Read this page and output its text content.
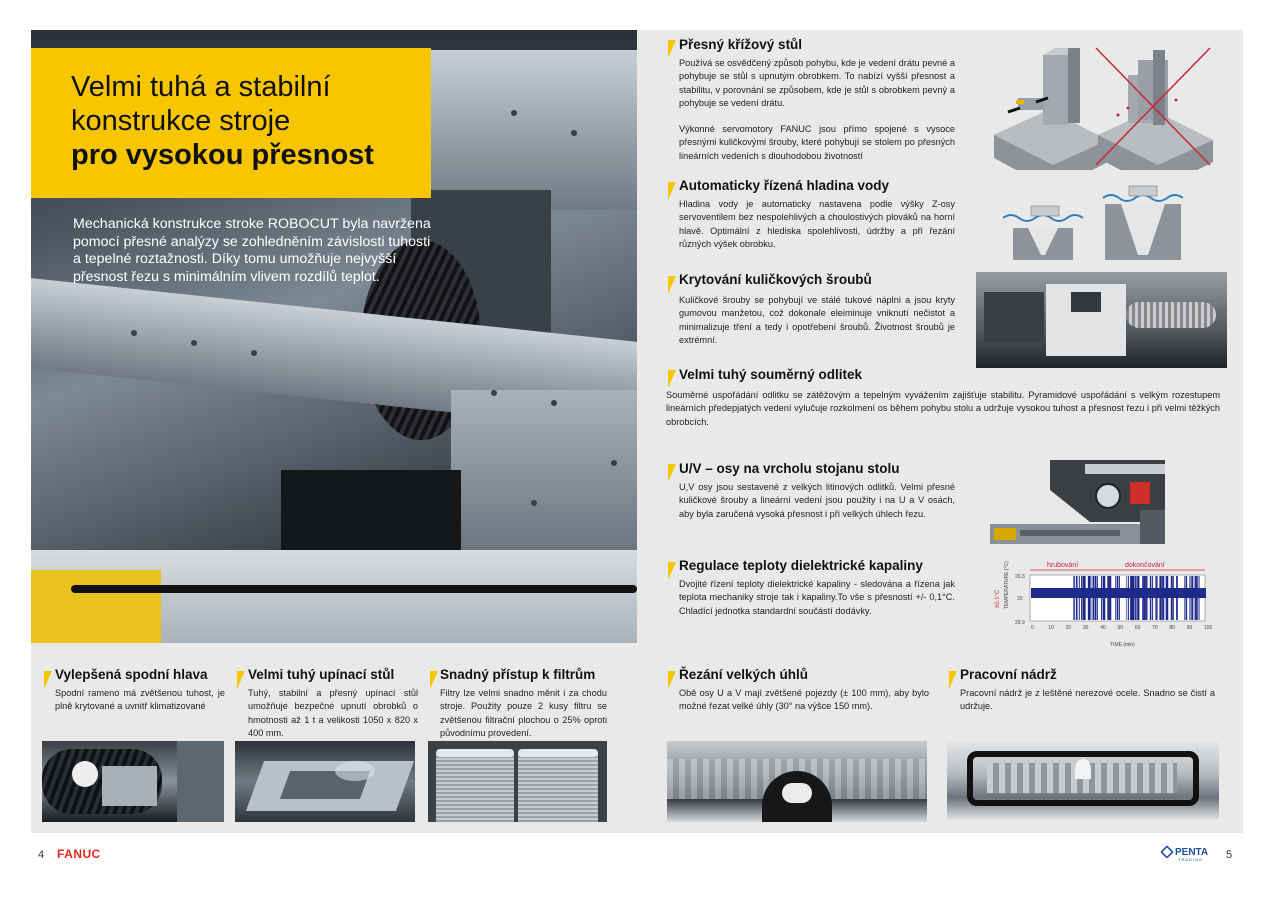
Velmi tuhá a stabilní
konstrukce stroje
pro vysokou přesnost
Mechanická konstrukce stroke ROBOCUT byla navržena pomocí přesné analýzy se zohledněním závislosti tuhosti a tepelné roztažnosti. Díky tomu umožňuje nejvyšší přesnost řezu s minimálním vlivem rozdílů teplot.
Přesný křížový stůl
Používá se osvědčený způsob pohybu, kde je vedení drátu pevné a pohybuje se stůl s upnutým obrobkem. To nabízí vyšší přesnost a stabilitu, v porovnání se způsobem, kde je stůl s obrobkem pevný a pohybuje se vedení drátu.
Výkonné servomotory FANUC jsou přímo spojené s vysoce přesnými kuličkovými šrouby, které pohybují se stolem po přesných lineárních vedeních s dlouhodobou životností
Automaticky řízená hladina vody
Hladina vody je automaticky nastavena podle výšky Z-osy servoventilem bez nespolehlivých a choulostivých plováků na horní hlavě. Optimální z hlediska spolehlivosti, údržby a při řezání různých výšek obrobku.
Krytování kuličkových šroubů
Kuličkové šrouby se pohybují ve stálé tukové náplni a jsou kryty gumovou manžetou, což dokonale eleiminuje vniknutí nečistot a minimalizuje tření a tedy i opotřebení šroubů. Životnost šroubů je extrémní.
Velmi tuhý souměrný odlitek
Souměrné uspořádání odlitku se zátěžovým a tepelným vyvážením zajišťuje stabilitu. Pyramidové uspořádání s velkým rozestupem lineárních předepjatých vedení vylučuje rozkolmení os během pohybu stolu a udržuje vysokou tuhost a přesnost řezu i při velmi těžkých obrobcích.
U/V – osy na vrcholu stojanu stolu
U,V osy jsou sestavené z velkých litinových odlitků. Velmi přesné kuličkové šrouby a lineární vedení jsou použity i na U a V osách, aby byla zaručená vysoká přesnost i při velkých úhlech řezu.
Regulace teploty dielektrické kapaliny
Dvojité řízení teploty dielektrické kapaliny - sledována a řízena jak teplota mechaniky stroje tak i kapaliny.To vše s přesností +/- 0,1°C. Chladící jednotka standardní součástí dodávky.
hrubování	dokončování
TEMPERATURE (°C)
±0.1°C
20.3
20
29.9
0	10 20 30 40 50 60 70 80 90 100
TIME (min)
Řezání velkých úhlů
Obě osy U a V mají zvětšené pojezdy (± 100 mm), aby bylo možné řezat velké úhly (30° na výšce 150 mm).
Pracovní nádrž
Pracovní nádrž je z leštěné nerezové ocele. Snadno se čistí a udržuje.
Vylepšená spodní hlava
Spodní rameno má zvětšenou tuhost, je plně krytované a uvnitř klimatizované
Velmi tuhý upínací stůl
Tuhý, stabilní a přesný upínací stůl umožňuje bezpečné upnutí obrobků o hmotnosti až 1 t a velikosti 1050 x 820 x 400 mm.
Snadný přístup k filtrům
Filtry lze velmi snadno měnit i za chodu stroje. Použity pouze 2 kusy filtru se zvětšenou filtrační plochou o 25% oproti původnímu provedení.
4 FANUC	PENTA
TRADING 5
